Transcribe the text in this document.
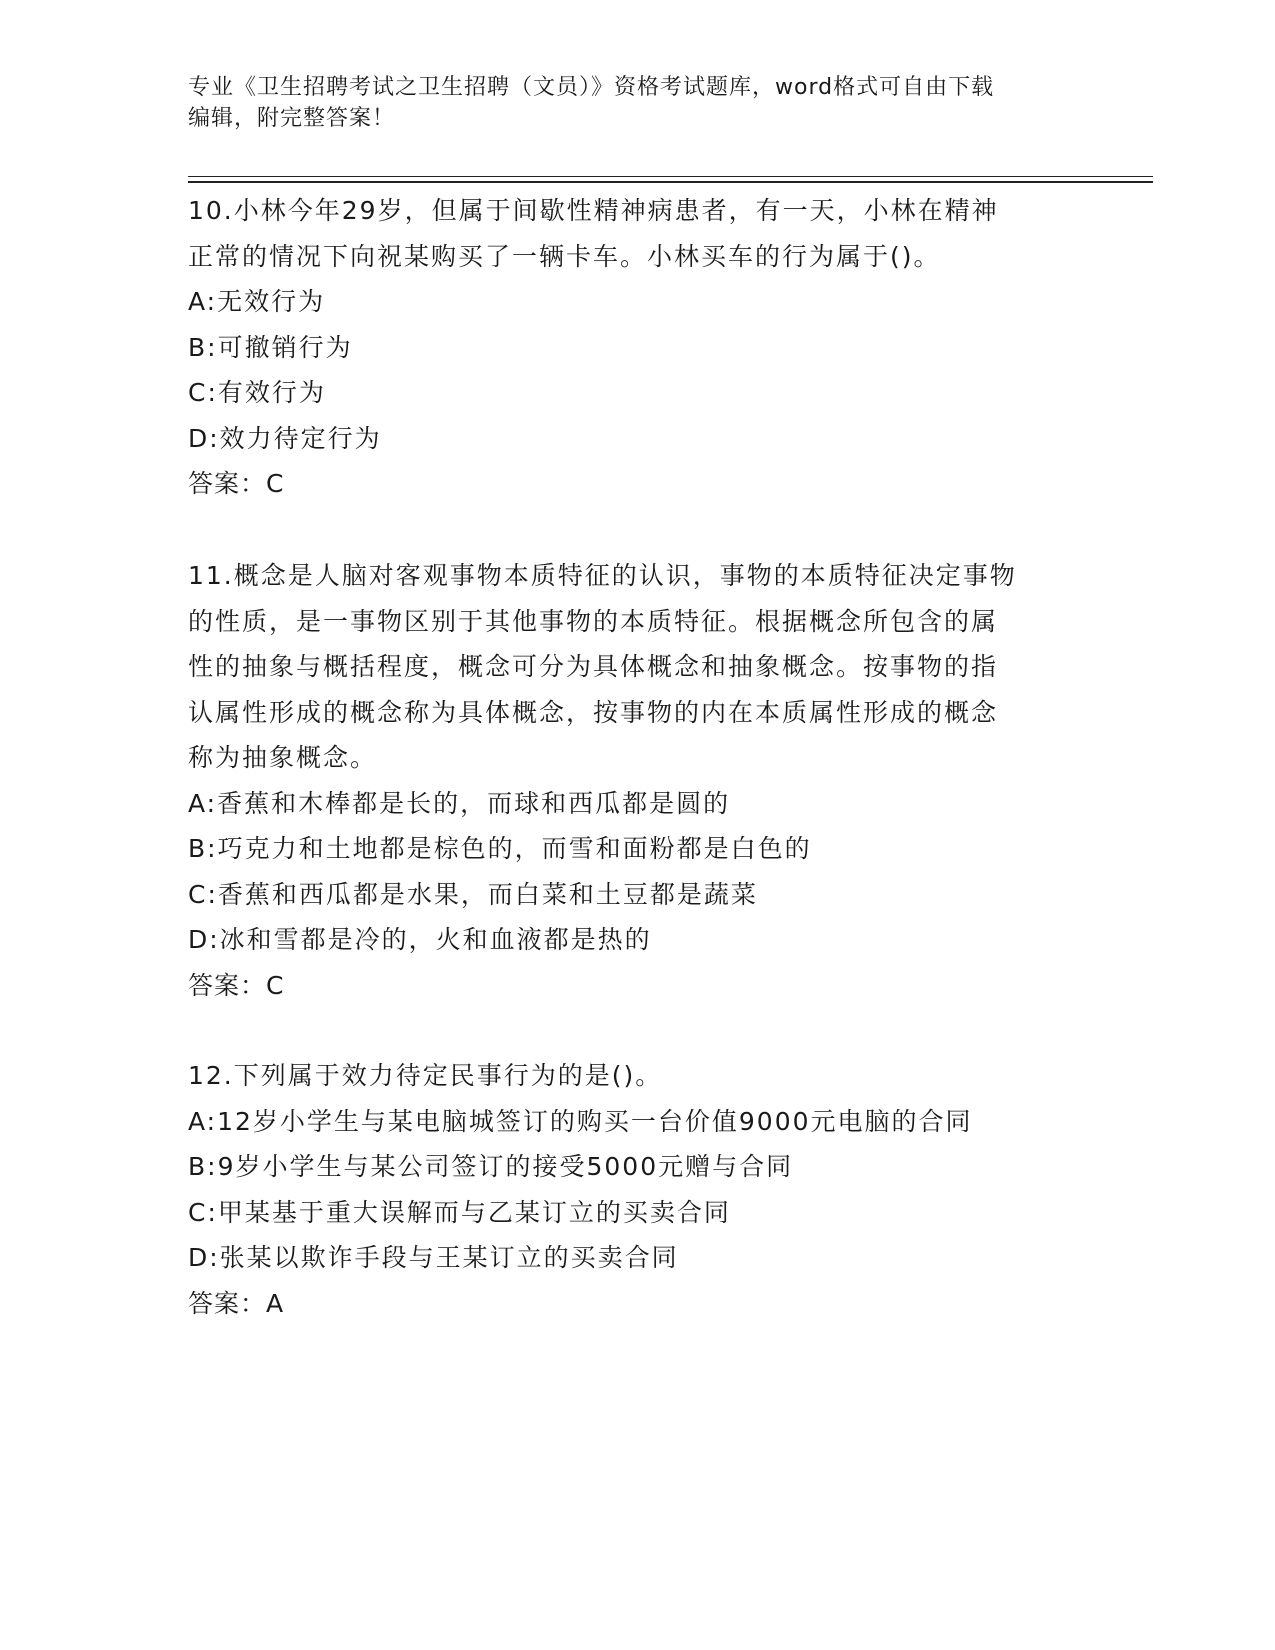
专业《卫生招聘考试之卫生招聘（文员）》资格考试题库，word格式可自由下载
编辑，附完整答案！
10.小林今年29岁，但属于间歇性精神病患者，有一天，小林在精神
正常的情况下向祝某购买了一辆卡车。小林买车的行为属于()。
A:无效行为
B:可撤销行为
C:有效行为
D:效力待定行为
答案：C
11.概念是人脑对客观事物本质特征的认识，事物的本质特征决定事物
的性质，是一事物区别于其他事物的本质特征。根据概念所包含的属
性的抽象与概括程度，概念可分为具体概念和抽象概念。按事物的指
认属性形成的概念称为具体概念，按事物的内在本质属性形成的概念
称为抽象概念。
A:香蕉和木棒都是长的，而球和西瓜都是圆的
B:巧克力和土地都是棕色的，而雪和面粉都是白色的
C:香蕉和西瓜都是水果，而白菜和土豆都是蔬菜
D:冰和雪都是冷的，火和血液都是热的
答案：C
12.下列属于效力待定民事行为的是()。
A:12岁小学生与某电脑城签订的购买一台价值9000元电脑的合同
B:9岁小学生与某公司签订的接受5000元赠与合同
C:甲某基于重大误解而与乙某订立的买卖合同
D:张某以欺诈手段与王某订立的买卖合同
答案：A
